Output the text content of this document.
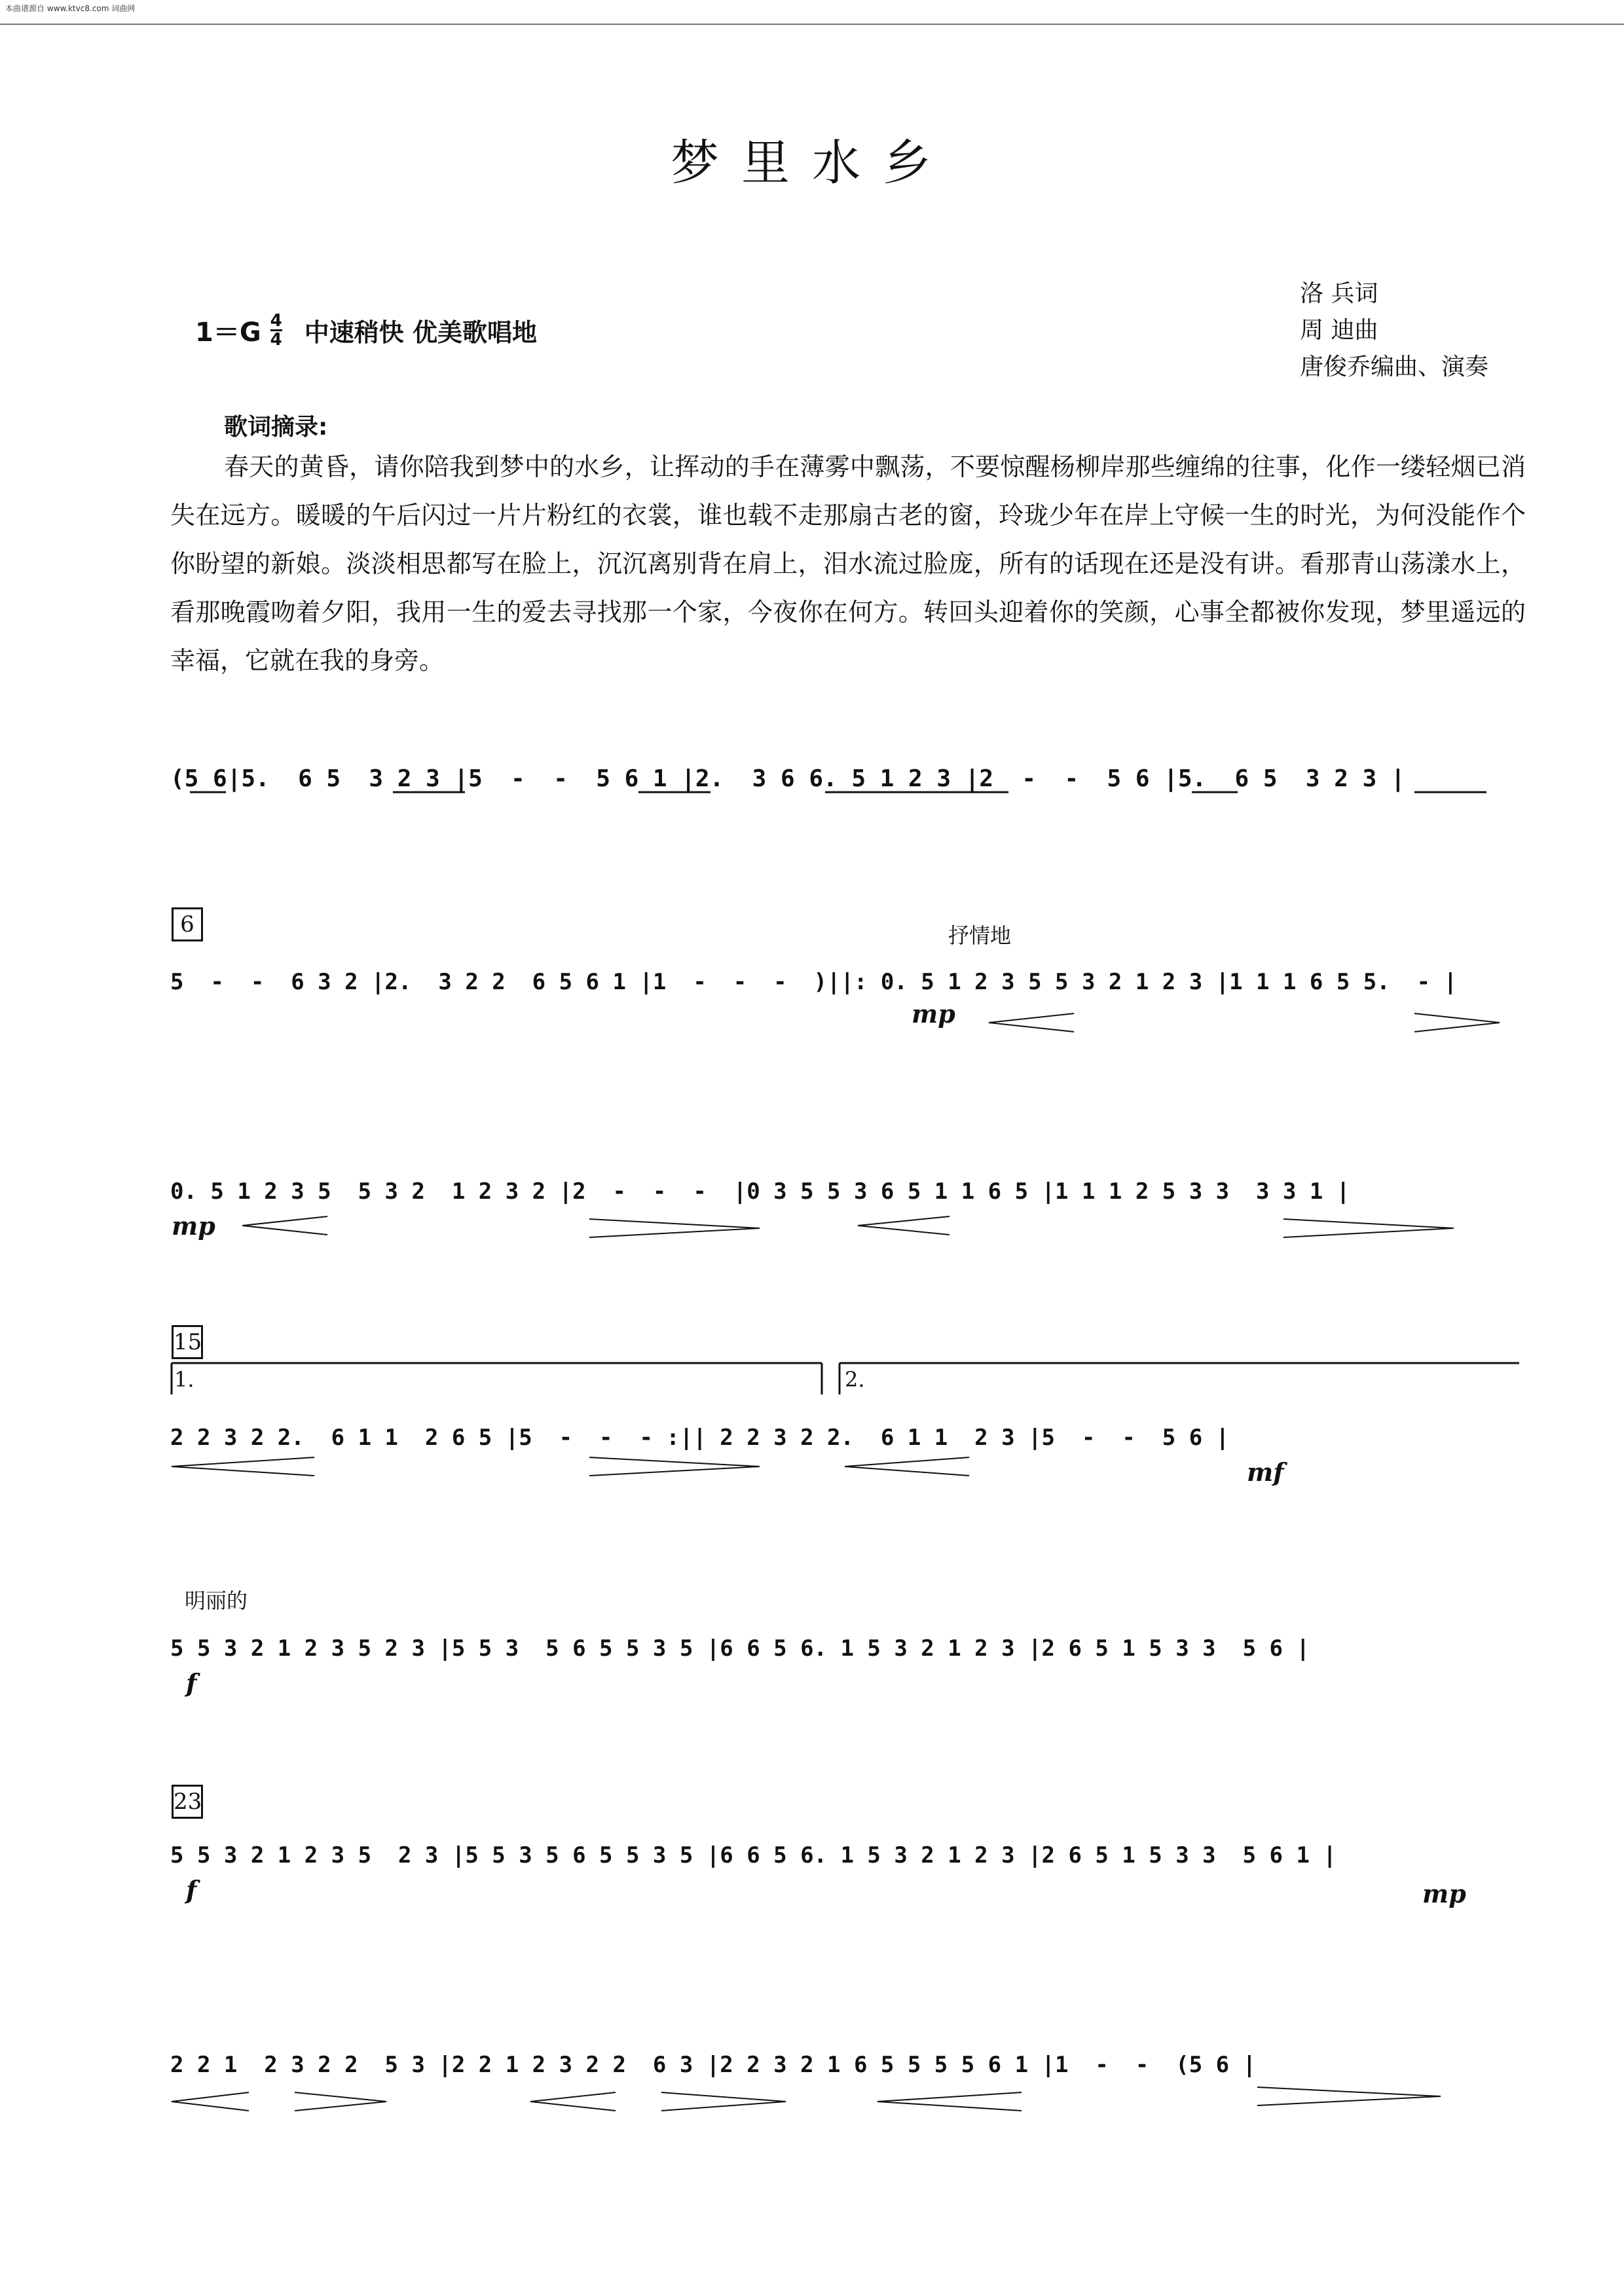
本曲谱源自 www.ktvc8.com 词曲网
梦里水乡
$1=G \frac{4}{4}$ 中速稍快 优美歌唱地
洛 兵词
周 迪曲
唐俊乔编曲、演奏
歌词摘录:

春天的黄昏，请你陪我到梦中的水乡，让挥动的手在薄雾中飘荡，不要惊醒杨柳岸那些缠绵的往事，化作一缕轻烟已消失在远方。暖暖的午后闪过一片片粉红的衣裳，谁也载不走那扇古老的窗，玲珑少年在岸上守候一生的时光，为何没能作个你盼望的新娘。淡淡相思都写在脸上，沉沉离别背在肩上，泪水流过脸庞，所有的话现在还是没有讲。看那青山荡漾水上，看那晚霞吻着夕阳，我用一生的爱去寻找那一个家，今夜你在何方。转回头迎着你的笑颜，心事全都被你发现，梦里遥远的幸福，它就在我的身旁。

(5 6|5.  6 5  3 2 3 |5  -  -  5 6 1 |2.  3 6 6. 5 1 2 3 |2  -  -  5 6 |5.  6 5  3 2 3 |
6	抒情地
5  -  -  6 3 2 |2.  3 2 2  6 5 6 1 |1  -  -  -  )||: 0. 5 1 2 3 5 5 3 2 1 2 3 |1 1 1 6 5 5.  - |
mp
0. 5 1 2 3 5  5 3 2  1 2 3 2 |2  -  -  -  |0 3 5 5 3 6 5 1 1 6 5 |1 1 1 2 5 3 3  3 3 1 |
mp
15
1.	2.
2 2 3 2 2.  6 1 1  2 6 5 |5  -  -  - :|| 2 2 3 2 2.  6 1 1  2 3 |5  -  -  5 6 |
mf
明丽的
5 5 3 2 1 2 3 5 2 3 |5 5 3  5 6 5 5 3 5 |6 6 5 6. 1 5 3 2 1 2 3 |2 6 5 1 5 3 3  5 6 |
f
23
5 5 3 2 1 2 3 5  2 3 |5 5 3 5 6 5 5 3 5 |6 6 5 6. 1 5 3 2 1 2 3 |2 6 5 1 5 3 3  5 6 1 |
f	mp
2 2 1  2 3 2 2  5 3 |2 2 1 2 3 2 2  6 3 |2 2 3 2 1 6 5 5 5 5 6 1 |1  -  -  (5 6 |
